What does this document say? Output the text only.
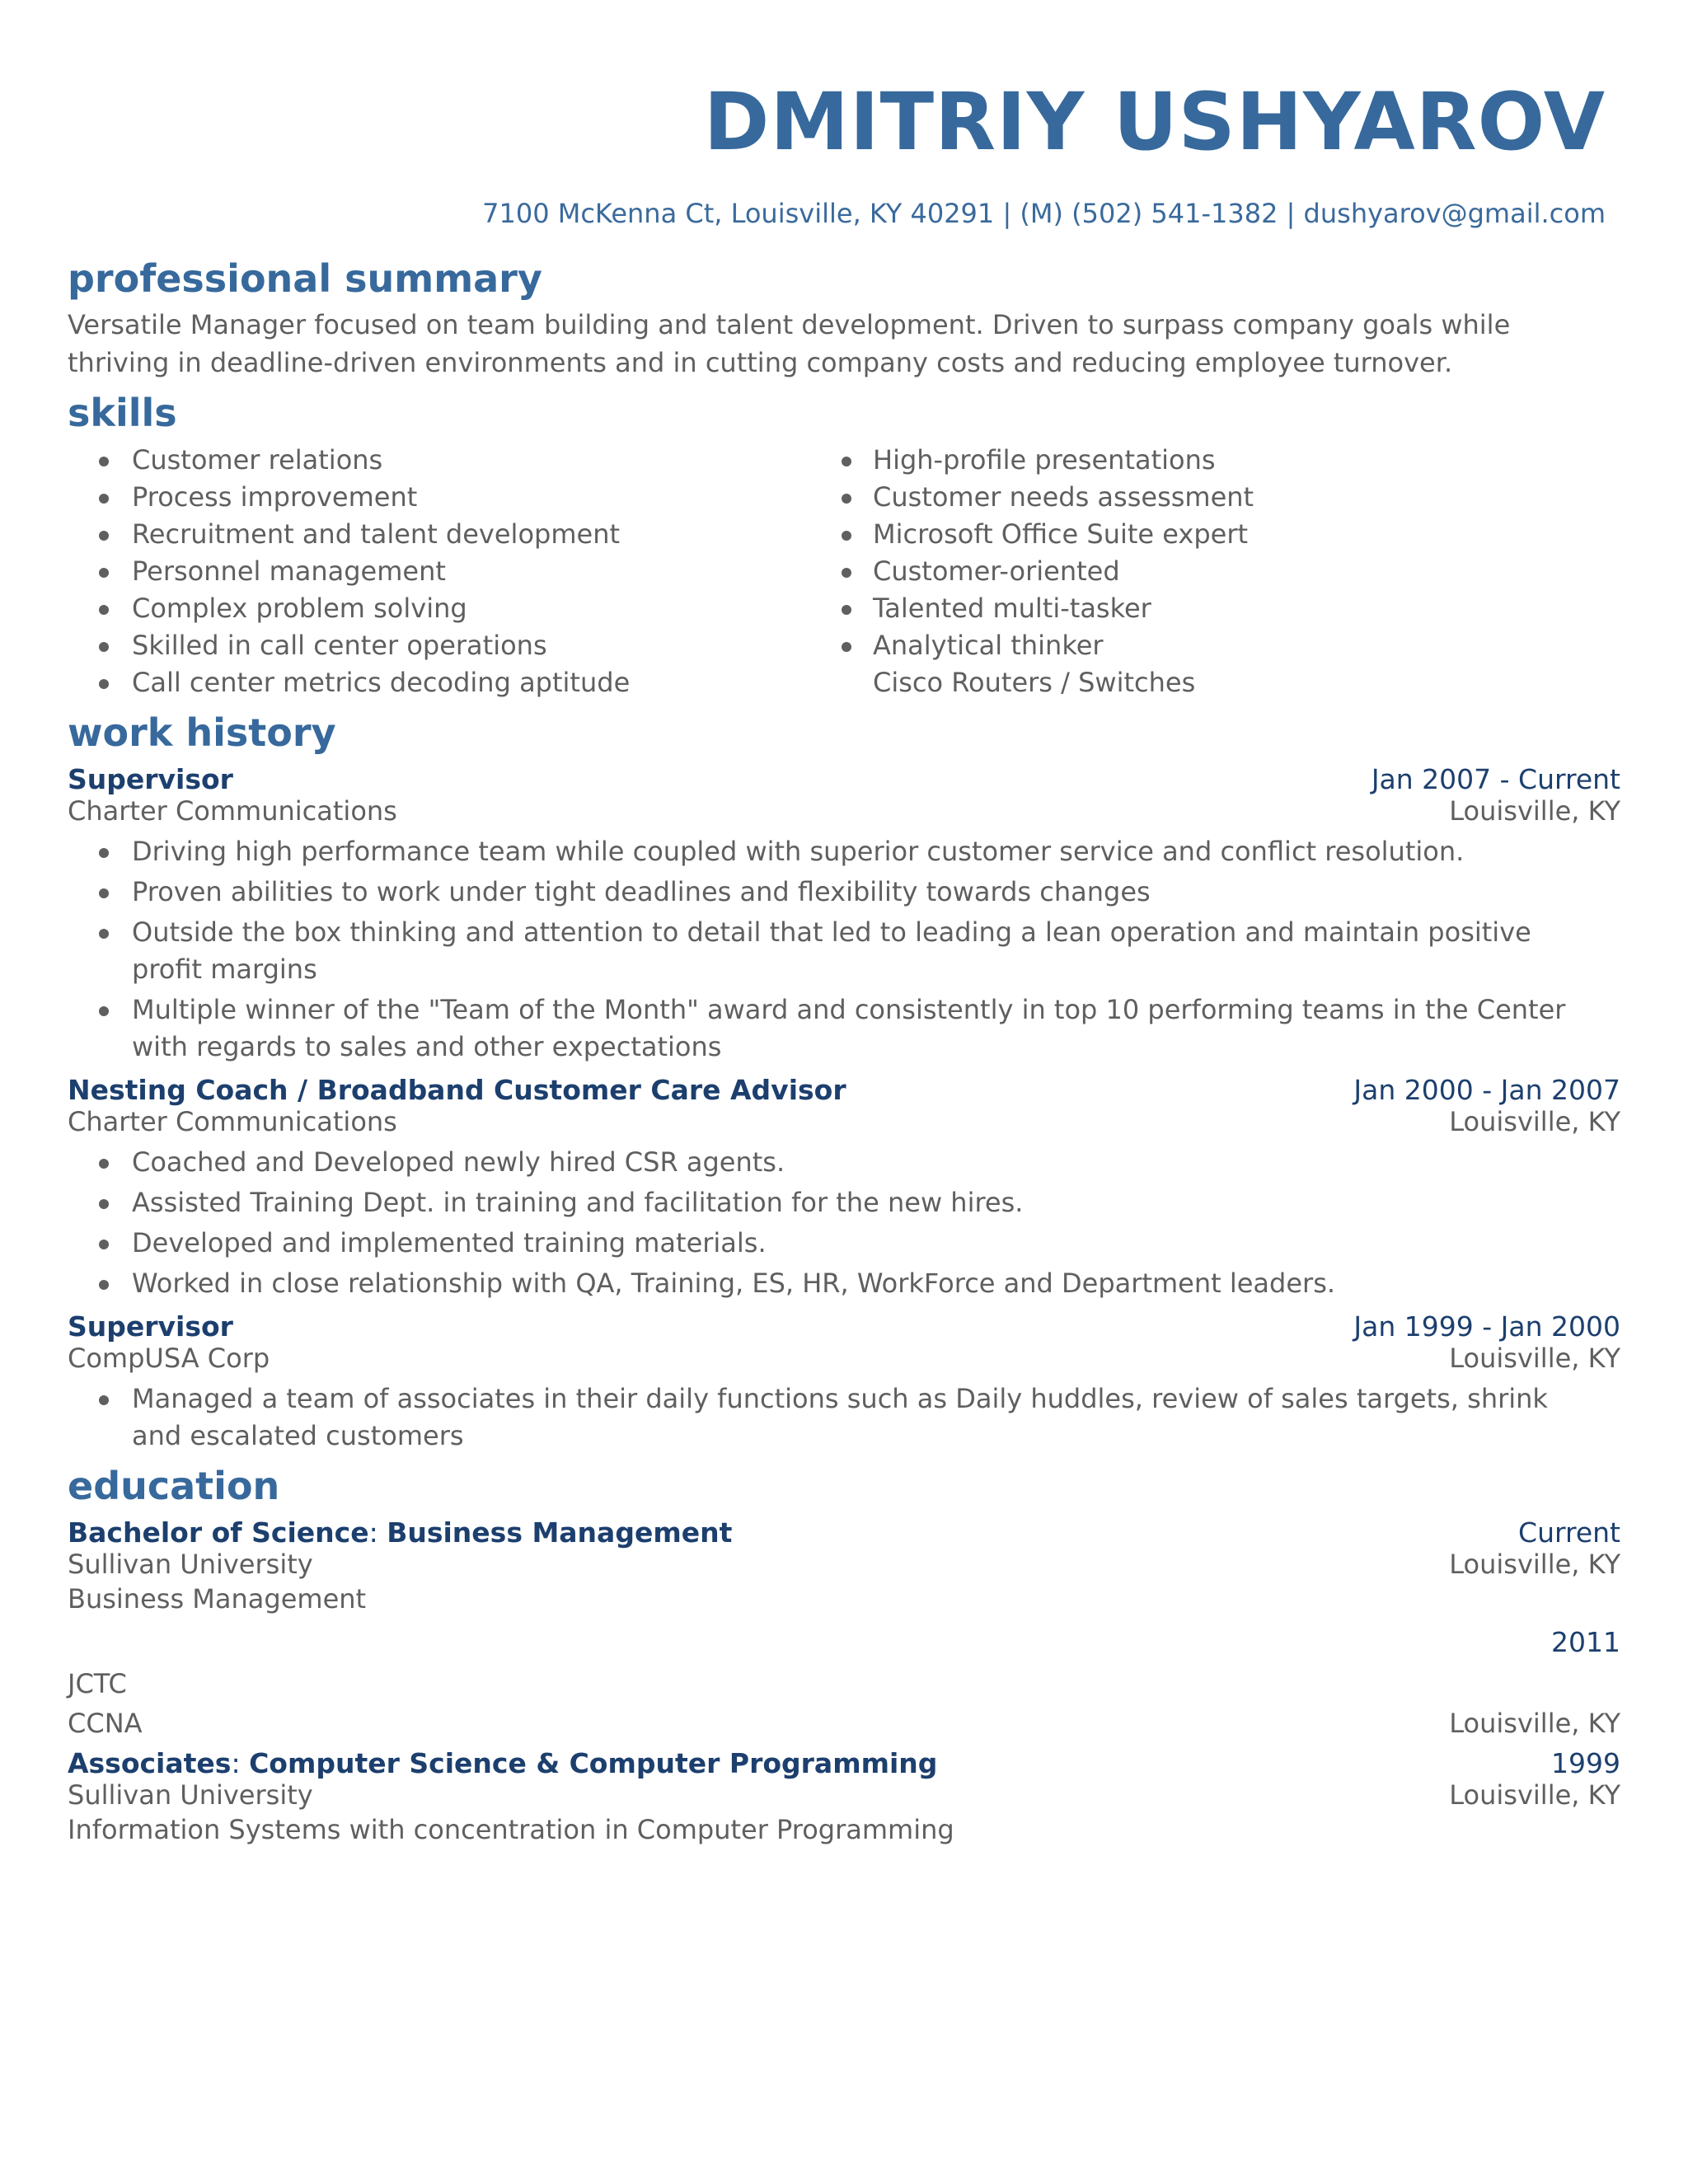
DMITRIY USHYAROV
7100 McKenna Ct, Louisville, KY 40291 | (M) (502) 541-1382 | dushyarov@gmail.com
professional summary
Versatile Manager focused on team building and talent development. Driven to surpass company goals while thriving in deadline-driven environments and in cutting company costs and reducing employee turnover.
skills
Customer relations
Process improvement
Recruitment and talent development
Personnel management
Complex problem solving
Skilled in call center operations
Call center metrics decoding aptitude
High-profile presentations
Customer needs assessment
Microsoft Office Suite expert
Customer-oriented
Talented multi-tasker
Analytical thinker
Cisco Routers / Switches
work history
Supervisor	Jan 2007 - Current
Charter Communications	Louisville, KY
Driving high performance team while coupled with superior customer service and conflict resolution.
Proven abilities to work under tight deadlines and flexibility towards changes
Outside the box thinking and attention to detail that led to leading a lean operation and maintain positive profit margins
Multiple winner of the "Team of the Month" award and consistently in top 10 performing teams in the Center with regards to sales and other expectations
Nesting Coach / Broadband Customer Care Advisor	Jan 2000 - Jan 2007
Charter Communications	Louisville, KY
Coached and Developed newly hired CSR agents.
Assisted Training Dept. in training and facilitation for the new hires.
Developed and implemented training materials.
Worked in close relationship with QA, Training, ES, HR, WorkForce and Department leaders.
Supervisor	Jan 1999 - Jan 2000
CompUSA Corp	Louisville, KY
Managed a team of associates in their daily functions such as Daily huddles, review of sales targets, shrink and escalated customers
education
Bachelor of Science: Business Management	Current
Sullivan University	Louisville, KY
Business Management
2011
JCTC
CCNA	Louisville, KY
Associates: Computer Science & Computer Programming	1999
Sullivan University	Louisville, KY
Information Systems with concentration in Computer Programming
